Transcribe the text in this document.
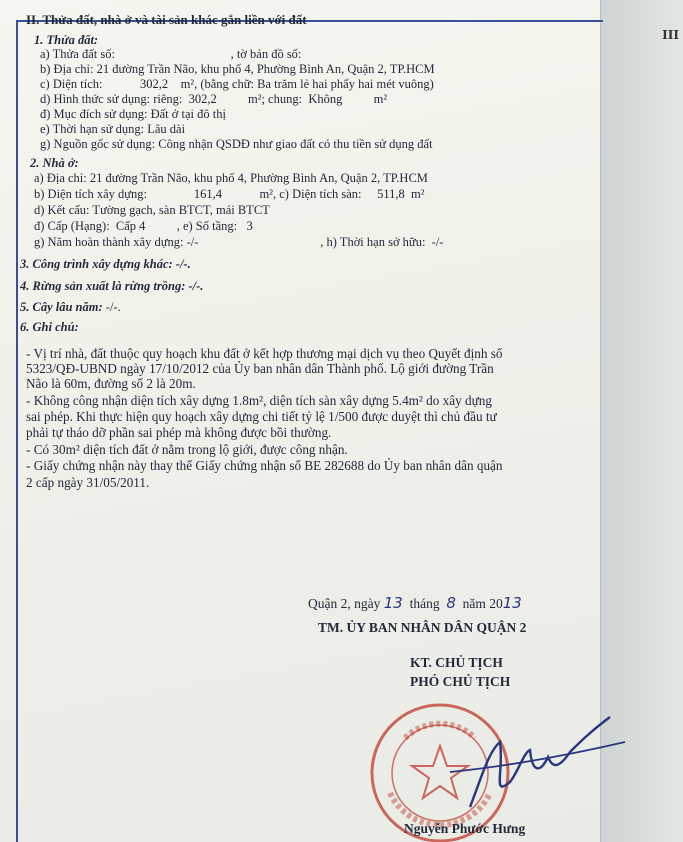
III
II. Thửa đất, nhà ở và tài sản khác gắn liền với đất
1. Thửa đất:
a) Thửa đất số:	, tờ bản đồ số:
b) Địa chỉ: 21 đường Trần Não, khu phố 4, Phường Bình An, Quận 2, TP.HCM
c) Diện tích:	302,2 m², (bằng chữ: Ba trăm lẻ hai phẩy hai mét vuông)
d) Hình thức sử dụng: riêng: 302,2	m²; chung: Không	m²
đ) Mục đích sử dụng: Đất ở tại đô thị
e) Thời hạn sử dụng: Lâu dài
g) Nguồn gốc sử dụng: Công nhận QSDĐ như giao đất có thu tiền sử dụng đất
2. Nhà ở:
a) Địa chỉ: 21 đường Trần Não, khu phố 4, Phường Bình An, Quận 2, TP.HCM
b) Diện tích xây dựng:	161,4	m², c) Diện tích sàn: 511,8 m²
d) Kết cấu: Tường gạch, sàn BTCT, mái BTCT
đ) Cấp (Hạng):  Cấp 4	, e) Số tầng: 3
g) Năm hoàn thành xây dựng: -/-	, h) Thời hạn sở hữu:  -/-
3. Công trình xây dựng khác: -/-.
4. Rừng sản xuất là rừng trồng: -/-.
5. Cây lâu năm: -/-.
6. Ghi chú:
- Vị trí nhà, đất thuộc quy hoạch khu đất ở kết hợp thương mại dịch vụ theo Quyết định số
5323/QĐ-UBND ngày 17/10/2012 của Ủy ban nhân dân Thành phố. Lộ giới đường Trần
Não là 60m, đường số 2 là 20m.
- Không công nhận diện tích xây dựng 1.8m², diện tích sàn xây dựng 5.4m² do xây dựng
sai phép. Khi thực hiện quy hoạch xây dựng chi tiết tỷ lệ 1/500 được duyệt thì chủ đầu tư
phải tự tháo dỡ phần sai phép mà không được bồi thường.
- Có 30m² diện tích đất ở nằm trong lộ giới, được công nhận.
- Giấy chứng nhận này thay thế Giấy chứng nhận số BE 282688 do Ủy ban nhân dân quận
2 cấp ngày 31/05/2011.
Quận 2, ngày 13 tháng 8 năm 2013
TM. ỦY BAN NHÂN DÂN QUẬN 2
KT. CHỦ TỊCH
PHÓ CHỦ TỊCH
Nguyễn Phước Hưng
